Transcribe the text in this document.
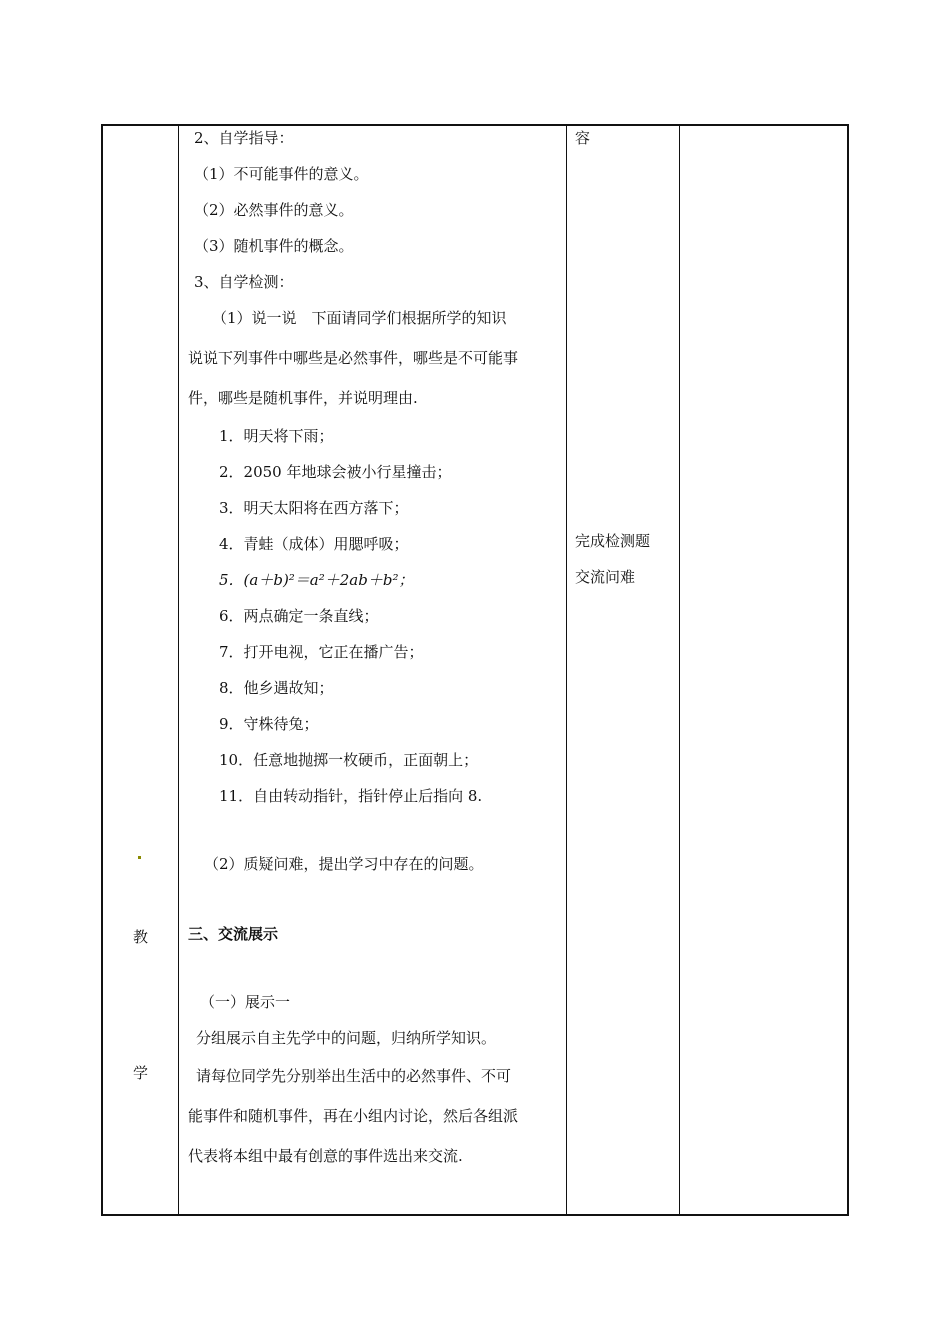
教
学
2、自学指导：
（1）不可能事件的意义。
（2）必然事件的意义。
（3）随机事件的概念。
3、自学检测：
（1）说一说　下面请同学们根据所学的知识
说说下列事件中哪些是必然事件，哪些是不可能事
件，哪些是随机事件，并说明理由.
1．明天将下雨；
2．2050 年地球会被小行星撞击；
3．明天太阳将在西方落下；
4．青蛙（成体）用腮呼吸；
5．(a＋b)²＝a²＋2ab＋b²；
6．两点确定一条直线；
7．打开电视，它正在播广告；
8．他乡遇故知；
9．守株待兔；
10．任意地抛掷一枚硬币，正面朝上；
11．自由转动指针，指针停止后指向 8.
（2）质疑问难，提出学习中存在的问题。
三、交流展示
（一）展示一
分组展示自主先学中的问题，归纳所学知识。
请每位同学先分别举出生活中的必然事件、不可
能事件和随机事件，再在小组内讨论，然后各组派
代表将本组中最有创意的事件选出来交流.
容
完成检测题
交流问难
